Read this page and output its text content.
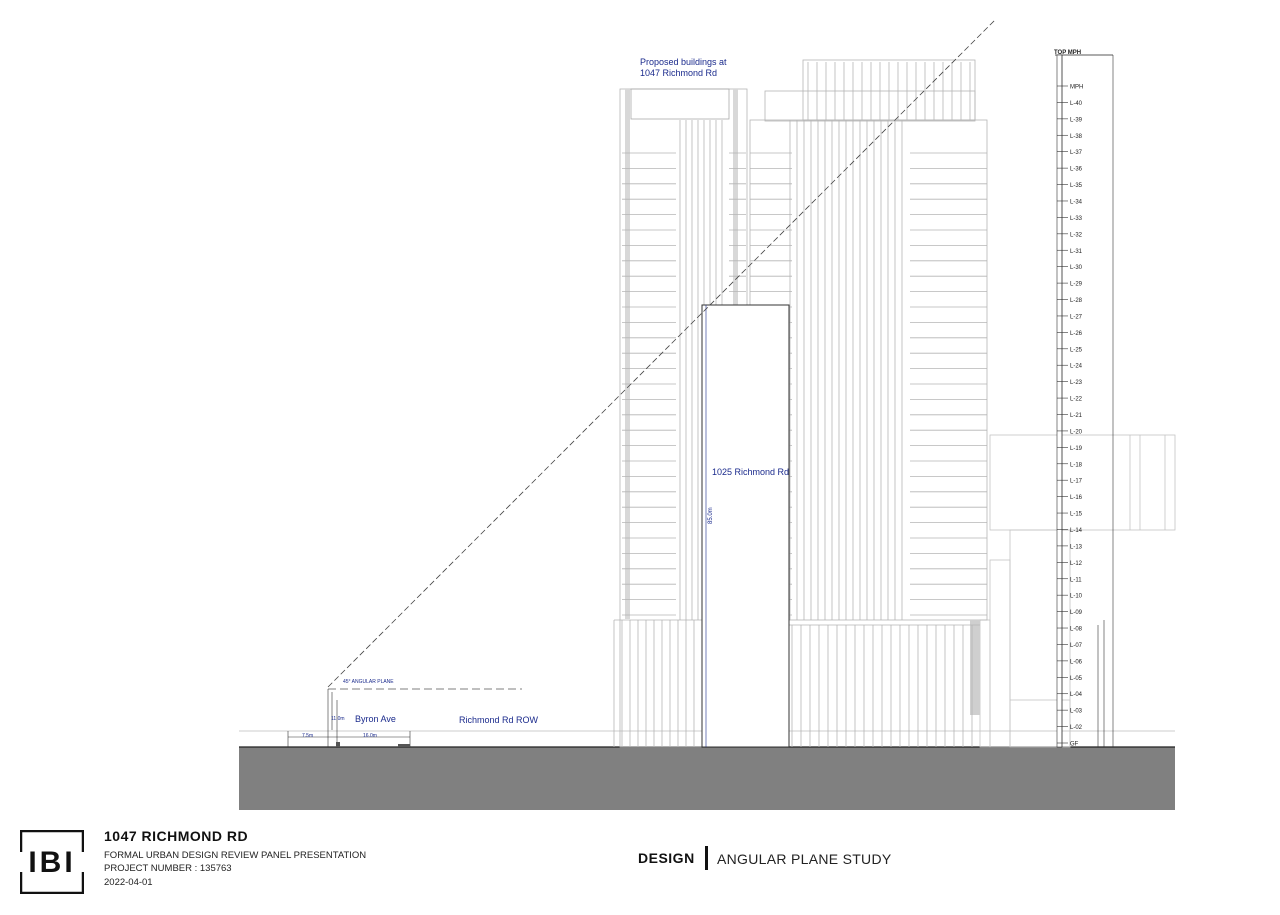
85.0m
1025 Richmond Rd
45° ANGULAR PLANE
11.0m
7.5m	16.0m
Byron Ave	Richmond Rd ROW
Proposed buildings at
1047 Richmond Rd
TOP MPH
MPH
L-40
L-39
L-38
L-37
L-36
L-35
L-34
L-33
L-32
L-31
L-30
L-29
L-28
L-27
L-26
L-25
L-24
L-23
L-22
L-21
L-20
L-19
L-18
L-17
L-16
L-15
L-14
L-13
L-12
L-11
L-10
L-09
L-08
L-07
L-06
L-05
L-04
L-03
L-02
GF
IBI
1047 RICHMOND RD
FORMAL URBAN DESIGN REVIEW PANEL PRESENTATION
PROJECT NUMBER : 135763
2022-04-01
DESIGN ANGULAR PLANE STUDY
